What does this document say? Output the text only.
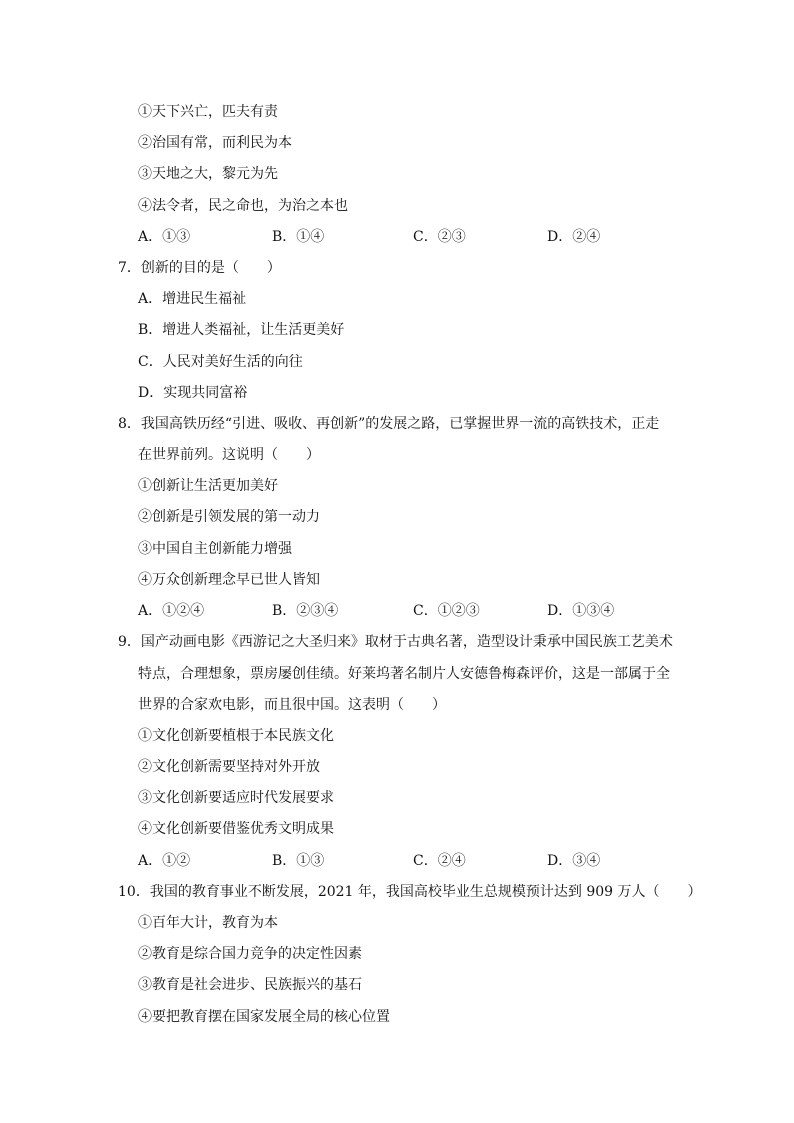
①天下兴亡，匹夫有责
②治国有常，而利民为本
③天地之大，黎元为先
④法令者，民之命也，为治之本也
A．①③	B．①④	C．②③	D．②④
7．创新的目的是（　　）
A．增进民生福祉
B．增进人类福祉，让生活更美好
C．人民对美好生活的向往
D．实现共同富裕
8．我国高铁历经“引进、吸收、再创新”的发展之路，已掌握世界一流的高铁技术，正走
在世界前列。这说明（　　）
①创新让生活更加美好
②创新是引领发展的第一动力
③中国自主创新能力增强
④万众创新理念早已世人皆知
A．①②④	B．②③④	C．①②③	D．①③④
9．国产动画电影《西游记之大圣归来》取材于古典名著，造型设计秉承中国民族工艺美术
特点，合理想象，票房屡创佳绩。好莱坞著名制片人安德鲁梅森评价，这是一部属于全
世界的合家欢电影，而且很中国。这表明（　　）
①文化创新要植根于本民族文化
②文化创新需要坚持对外开放
③文化创新要适应时代发展要求
④文化创新要借鉴优秀文明成果
A．①②	B．①③	C．②④	D．③④
10．我国的教育事业不断发展，2021 年，我国高校毕业生总规模预计达到 909 万人（　　）
①百年大计，教育为本
②教育是综合国力竞争的决定性因素
③教育是社会进步、民族振兴的基石
④要把教育摆在国家发展全局的核心位置
